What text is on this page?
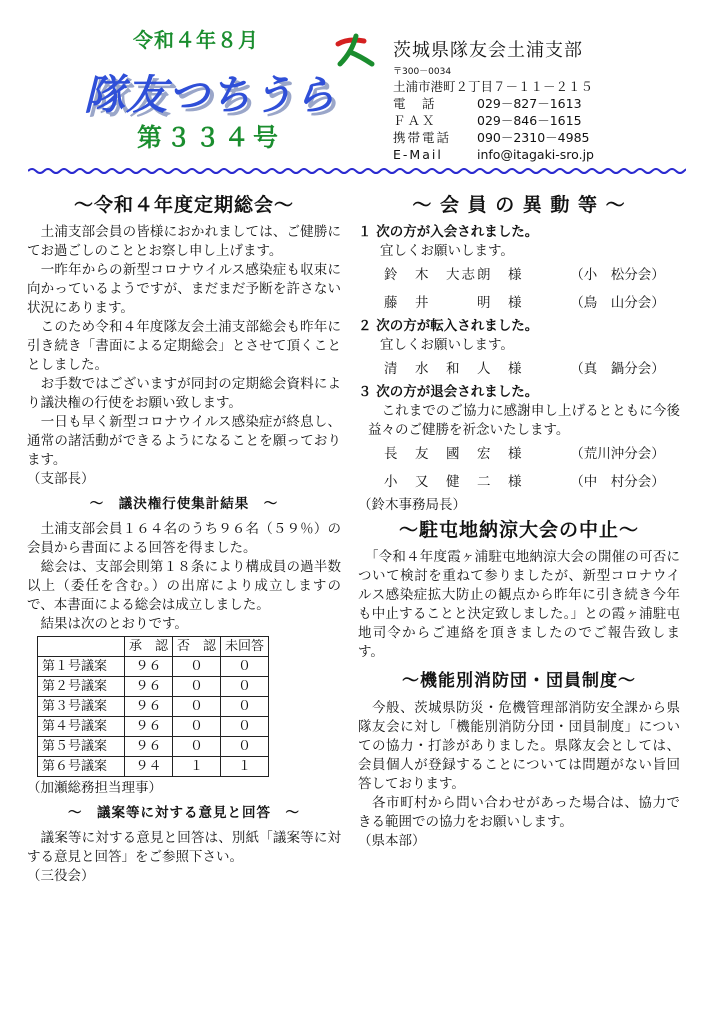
令和４年８月
隊友つちうら
第３３４号
茨城県隊友会土浦支部
〒300－0034
土浦市港町２丁目７－１１－２１５
電　話	029－827－1613
ＦＡＸ	029－846－1615
携帯電話 090－2310－4985
E-Mail	info@itagaki-sro.jp
～令和４年度定期総会～

　土浦支部会員の皆様におかれましては、ご健勝にてお過ごしのこととお察し申し上げます。

　一昨年からの新型コロナウイルス感染症も収束に向かっているようですが、まだまだ予断を許さない状況にあります。

　このため令和４年度隊友会土浦支部総会も昨年に引き続き「書面による定期総会」とさせて頂くこととしました。

　お手数ではございますが同封の定期総会資料により議決権の行使をお願い致します。

　一日も早く新型コロナウイルス感染症が終息し、通常の諸活動ができるようになることを願っております。

（支部長）

～　議決権行使集計結果　～

　土浦支部会員１６４名のうち９６名（５９％）の会員から書面による回答を得ました。

　総会は、支部会則第１８条により構成員の過半数以上（委任を含む。）の出席により成立しますので、本書面による総会は成立しました。

　結果は次のとおりです。

	承　認	否　認	未回答
第１号議案	９６	０	０
第２号議案	９６	０	０
第３号議案	９６	０	０
第４号議案	９６	０	０
第５号議案	９６	０	０
第６号議案	９４	１	１

（加瀬総務担当理事）

～　議案等に対する意見と回答　～

　議案等に対する意見と回答は、別紙「議案等に対する意見と回答」をご参照下さい。

（三役会）

～ 会 員 の 異 動 等 ～

１ 次の方が入会されました。

宜しくお願いします。

鈴　木　大志朗　様	（小　松分会）
藤　井　　　明　様	（鳥　山分会）

２ 次の方が転入されました。

宜しくお願いします。

清　水　和　人　様	（真　鍋分会）

３ 次の方が退会されました。

　これまでのご協力に感謝申し上げるとともに今後益々のご健勝を祈念いたします。

長　友　國　宏　様	（荒川沖分会）
小　又　健　二　様	（中　村分会）

（鈴木事務局長）

～駐屯地納涼大会の中止～

　「令和４年度霞ヶ浦駐屯地納涼大会の開催の可否について検討を重ねて参りましたが、新型コロナウイルス感染症拡大防止の観点から昨年に引き続き今年も中止することと決定致しました。」との霞ヶ浦駐屯地司令からご連絡を頂きましたのでご報告致します。

～機能別消防団・団員制度～

　今般、茨城県防災・危機管理部消防安全課から県隊友会に対し「機能別消防分団・団員制度」についての協力・打診がありました。県隊友会としては、会員個人が登録することについては問題がない旨回答しております。

　各市町村から問い合わせがあった場合は、協力できる範囲での協力をお願いします。

（県本部）
